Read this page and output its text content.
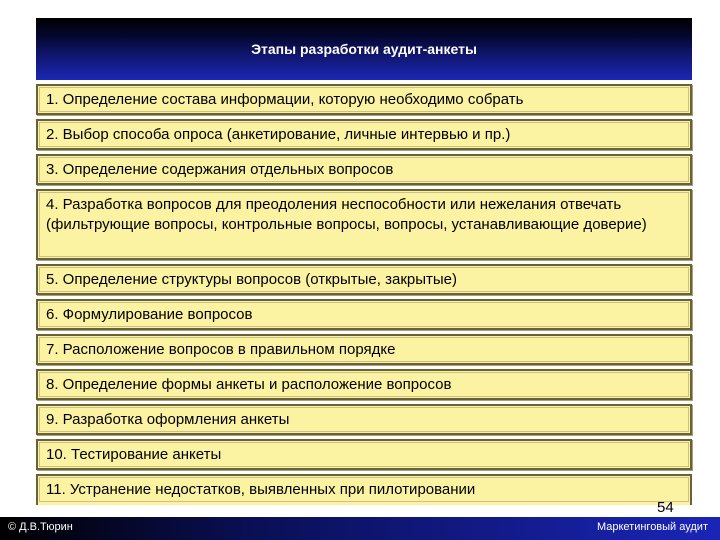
Этапы разработки аудит-анкеты
1. Определение состава информации, которую необходимо собрать
2. Выбор способа опроса (анкетирование, личные интервью и пр.)
3. Определение содержания отдельных вопросов
4. Разработка вопросов для преодоления неспособности или нежелания отвечать (фильтрующие вопросы, контрольные вопросы, вопросы, устанавливающие доверие)
5. Определение структуры вопросов (открытые, закрытые)
6. Формулирование вопросов
7. Расположение вопросов в правильном порядке
8. Определение формы анкеты и расположение вопросов
9. Разработка оформления анкеты
10. Тестирование анкеты
11. Устранение недостатков, выявленных при пилотировании
54
© Д.В.Тюрин	Маркетинговый аудит
